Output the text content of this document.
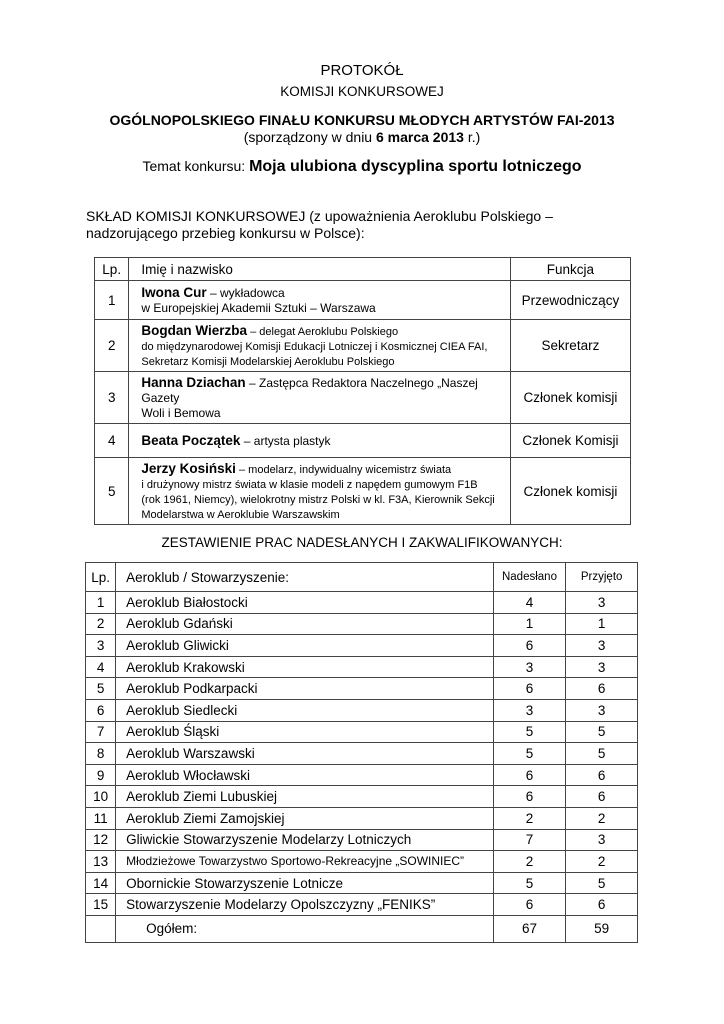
PROTOKÓŁ
KOMISJI KONKURSOWEJ
OGÓLNOPOLSKIEGO FINAŁU KONKURSU MŁODYCH ARTYSTÓW FAI-2013
(sporządzony w dniu 6 marca 2013 r.)
Temat konkursu: Moja ulubiona dyscyplina sportu lotniczego
SKŁAD KOMISJI KONKURSOWEJ (z upoważnienia Aeroklubu Polskiego – nadzorującego przebieg konkursu w Polsce):
Lp.	Imię i nazwisko	Funkcja
1	Iwona Cur – wykładowca
w Europejskiej Akademii Sztuki – Warszawa	Przewodniczący
2	Bogdan Wierzba – delegat Aeroklubu Polskiego
do międzynarodowej Komisji Edukacji Lotniczej i Kosmicznej CIEA FAI,
Sekretarz Komisji Modelarskiej Aeroklubu Polskiego	Sekretarz
3	Hanna Dziachan – Zastępca Redaktora Naczelnego „Naszej Gazety
Woli i Bemowa	Członek komisji
4	Beata Początek – artysta plastyk	Członek Komisji
5	Jerzy Kosiński – modelarz, indywidualny wicemistrz świata
i drużynowy mistrz świata w klasie modeli z napędem gumowym F1B
(rok 1961, Niemcy), wielokrotny mistrz Polski w kl. F3A, Kierownik Sekcji
Modelarstwa w Aeroklubie Warszawskim	Członek komisji
ZESTAWIENIE PRAC NADESŁANYCH I ZAKWALIFIKOWANYCH:
Lp.	Aeroklub / Stowarzyszenie:	Nadesłano	Przyjęto
1	Aeroklub Białostocki	4	3
2	Aeroklub Gdański	1	1
3	Aeroklub Gliwicki	6	3
4	Aeroklub Krakowski	3	3
5	Aeroklub Podkarpacki	6	6
6	Aeroklub Siedlecki	3	3
7	Aeroklub Śląski	5	5
8	Aeroklub Warszawski	5	5
9	Aeroklub Włocławski	6	6
10	Aeroklub Ziemi Lubuskiej	6	6
11	Aeroklub Ziemi Zamojskiej	2	2
12	Gliwickie Stowarzyszenie Modelarzy Lotniczych	7	3
13	Młodzieżowe Towarzystwo Sportowo-Rekreacyjne „SOWINIEC”	2	2
14	Obornickie Stowarzyszenie Lotnicze	5	5
15	Stowarzyszenie Modelarzy Opolszczyzny „FENIKS”	6	6
	Ogółem:	67	59
